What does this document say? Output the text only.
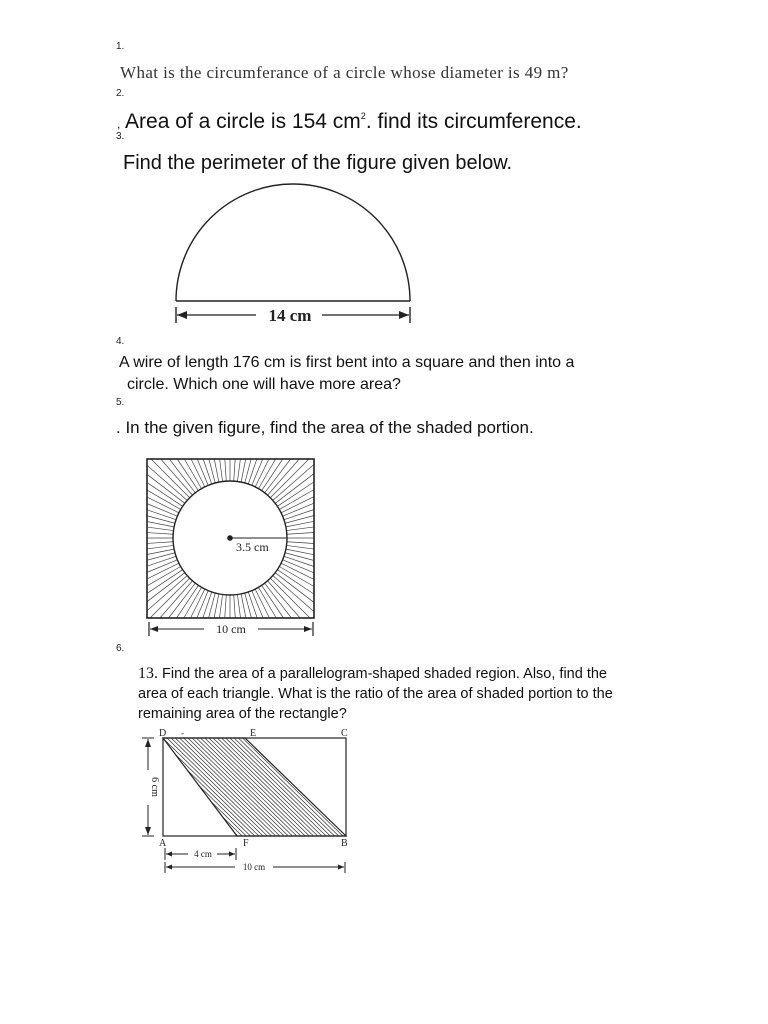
1.
What is the circumferance of a circle whose diameter is 49 m?
2.
, Area of a circle is 154 $cm^2$. find its circumference.
3.
Find the perimeter of the figure given below.
14 cm
4.
A wire of length 176 cm is first bent into a square and then into a
circle. Which one will have more area?
5.
. In the given figure, find the area of the shaded portion.
3.5 cm
10 cm
6.
13. Find the area of a parallelogram-shaped shaded region. Also, find the area of each triangle. What is the ratio of the area of shaded portion to the remaining area of the rectangle?
D -	E	C
A	F	B
6 cm
4 cm
10 cm
